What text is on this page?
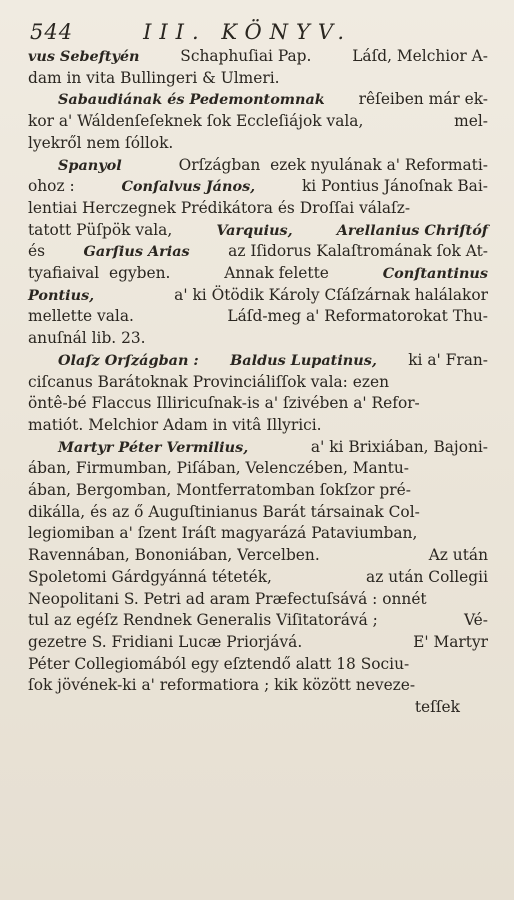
544	III. KÖNYV.
vus Sebeftyén	Schaphuſiai Pap.	Láſd, Melchior A-
dam in vita Bullingeri & Ulmeri.
Sabaudiának és Pedemontomnak rêſeiben már ek-
kor a' Wáldenſeſeknek ſok Eccleſiájok vala,	mel-
lyekről nem ſóllok.
Spanyol	Orſzágban  ezek nyulának a' Reformati-
ohoz :	Conſalvus János,	ki Pontius Jánoſnak Bai-
lentiai Herczegnek Prédikátora és Droſſai válaſz-
tatott Püſpök vala,	Varquius,	Arellanius Chriſtóf
és	Garſius Arias	az Iſidorus Kalaſtromának ſok At-
tyafiaival  egyben.	Annak felette	Conſtantinus
Pontius,	a' ki Ötödik Károly Cſáſzárnak halálakor
mellette vala.	Láſd-meg a' Reformatorokat Thu-
anuſnál lib. 23.
Olaſz Orſzágban : Baldus Lupatinus, ki a' Fran-
ciſcanus Barátoknak Provinciáliſſok vala: ezen
öntê-bé Flaccus Illiricuſnak-is a' ſzivében a' Refor-
matiót. Melchior Adam in vitâ Illyrici.
Martyr Péter Vermilius,	a' ki Brixiában, Bajoni-
ában, Firmumban, Piſában, Velenczében, Mantu-
ában, Bergomban, Montferratomban ſokſzor pré-
dikálla, és az ő Auguſtinianus Barát társainak Col-
legiomiban a' ſzent Iráſt magyarázá Pataviumban,
Ravennában, Bononiában, Vercelben.	Az után
Spoletomi Gárdgyánná téteték,	az után Collegii
Neopolitani S. Petri ad aram Præfectuſsává : onnét
tul az egéſz Rendnek Generalis Viſitatorává ;	Vé-
gezetre S. Fridiani Lucæ Priorjává.	E' Martyr
Péter Collegiomából egy eſztendő alatt 18 Sociu-
ſok jövének-ki a' reformatiora ; kik között neveze-
teſſek
